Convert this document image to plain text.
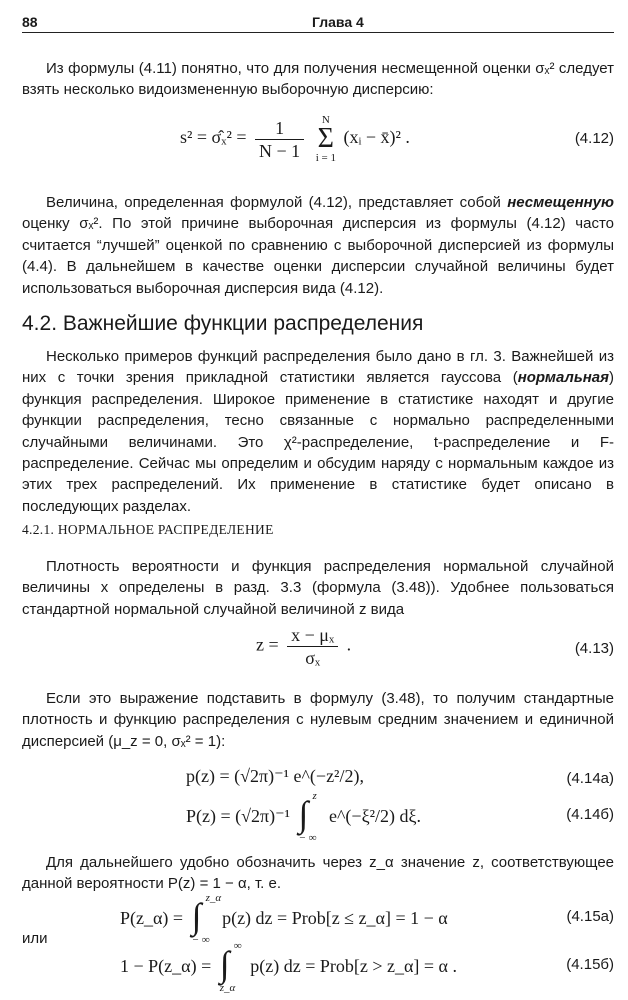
88	Глава 4

Из формулы (4.11) понятно, что для получения несмещенной оценки σₓ² следует взять несколько видоизмененную выборочную дисперсию:

s² = σ̂ₓ² = $\frac{1}{N - 1}$ N
Σ
i = 1 (xᵢ − x̄)² .	(4.12)

Величина, определенная формулой (4.12), представляет собой несмещенную оценку σₓ². По этой причине выборочная дисперсия из формулы (4.12) часто считается “лучшей” оценкой по сравнению с выборочной дисперсией из формулы (4.4). В дальнейшем в качестве оценки дисперсии случайной величины будет использоваться выборочная дисперсия вида (4.12).

4.2. Важнейшие функции распределения

Несколько примеров функций распределения было дано в гл. 3. Важнейшей из них с точки зрения прикладной статистики является гауссова (нормальная) функция распределения. Широкое применение в статистике находят и другие функции распределения, тесно связанные с нормально распределенными случайными величинами. Это χ²-распределение, t-распределение и F-распределение. Сейчас мы определим и обсудим наряду с нормальным каждое из этих трех распределений. Их применение в статистике будет описано в последующих разделах.

4.2.1. НОРМАЛЬНОЕ РАСПРЕДЕЛЕНИЕ

Плотность вероятности и функция распределения нормальной случайной величины x определены в разд. 3.3 (формула (3.48)). Удобнее пользоваться стандартной нормальной случайной величиной z вида

$z = \frac{\text{x − μₓ}}{\text{σₓ}}$ .	(4.13)

Если это выражение подставить в формулу (3.48), то получим стандартные плотность и функцию распределения с нулевым средним значением и единичной дисперсией (μ_z = 0, σₓ² = 1):

p(z) = (√2π)⁻¹ e^(−z²/2),	(4.14а)
P(z) = (√2π)⁻¹ ∫ z
− ∞
e^(−ξ²/2) dξ.	(4.14б)

Для дальнейшего удобно обозначить через z_α значение z, соответствующее данной вероятности P(z) = 1 − α, т. е.

P(z_α) = ∫ z_α
− ∞
p(z) dz = Prob[z ≤ z_α] = 1 − α	(4.15а)
или
1 − P(z_α) = ∫ ∞
z_α
p(z) dz = Prob[z > z_α] = α .	(4.15б)
